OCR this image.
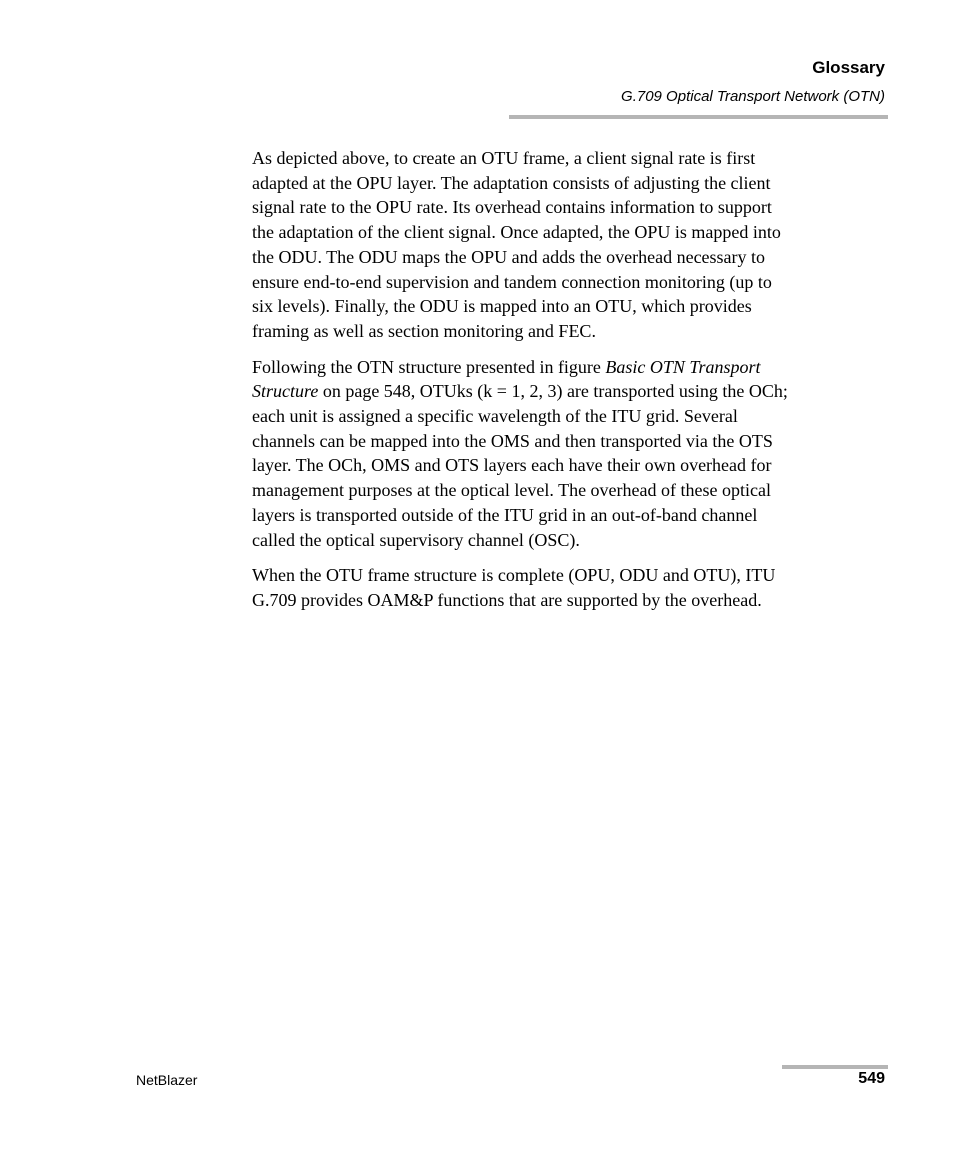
Glossary
G.709 Optical Transport Network (OTN)

As depicted above, to create an OTU frame, a client signal rate is first
adapted at the OPU layer. The adaptation consists of adjusting the client
signal rate to the OPU rate. Its overhead contains information to support
the adaptation of the client signal. Once adapted, the OPU is mapped into
the ODU. The ODU maps the OPU and adds the overhead necessary to
ensure end-to-end supervision and tandem connection monitoring (up to
six levels). Finally, the ODU is mapped into an OTU, which provides
framing as well as section monitoring and FEC.

Following the OTN structure presented in figure Basic OTN Transport
Structure on page 548, OTUks (k = 1, 2, 3) are transported using the OCh;
each unit is assigned a specific wavelength of the ITU grid. Several
channels can be mapped into the OMS and then transported via the OTS
layer. The OCh, OMS and OTS layers each have their own overhead for
management purposes at the optical level. The overhead of these optical
layers is transported outside of the ITU grid in an out-of-band channel
called the optical supervisory channel (OSC).

When the OTU frame structure is complete (OPU, ODU and OTU), ITU
G.709 provides OAM&P functions that are supported by the overhead.

NetBlazer	549
